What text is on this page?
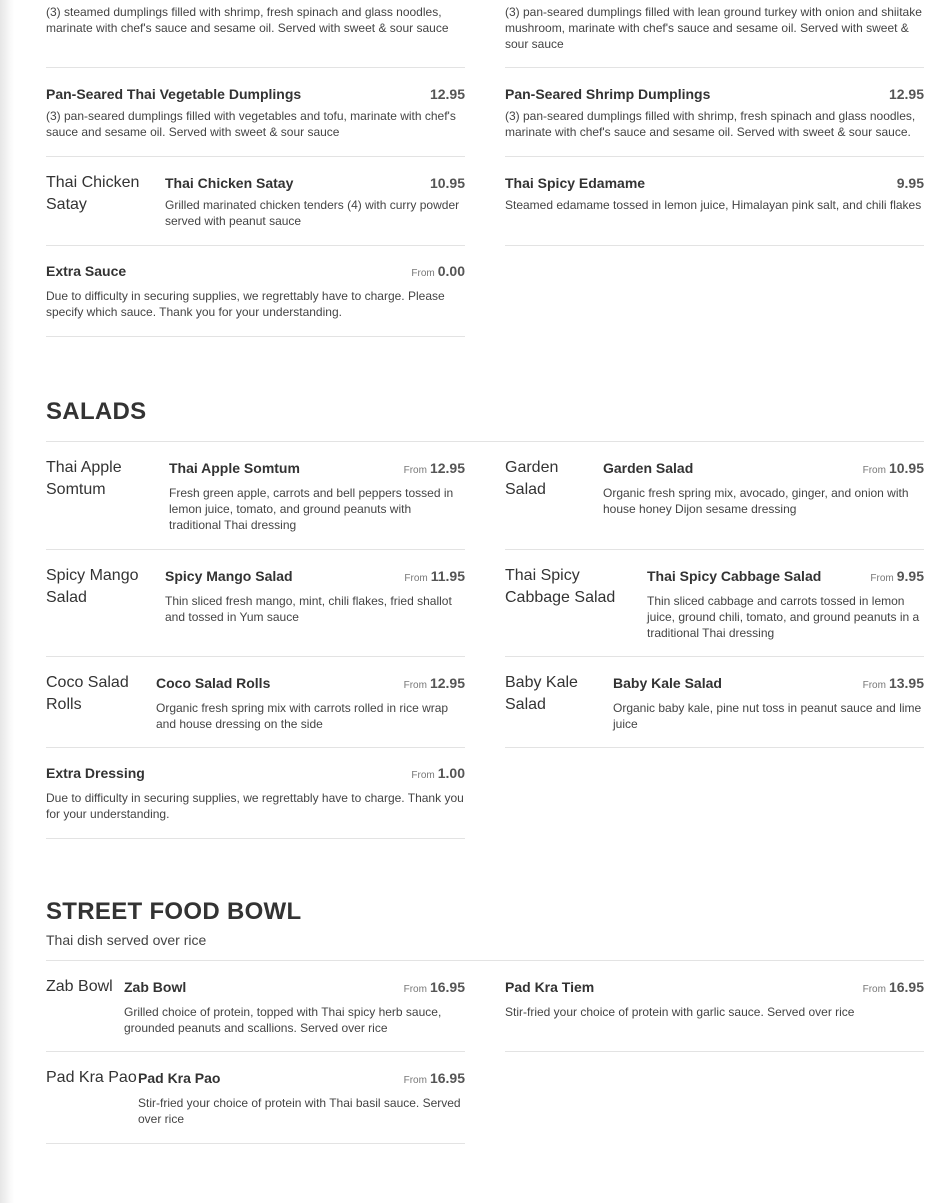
(3) steamed dumplings filled with shrimp, fresh spinach and glass noodles, marinate with chef's sauce and sesame oil. Served with sweet & sour sauce
Pan-Seared Thai Vegetable Dumplings	12.95
(3) pan-seared dumplings filled with vegetables and tofu, marinate with chef's sauce and sesame oil. Served with sweet & sour sauce
Thai Chicken Satay
Thai Chicken Satay	10.95
Grilled marinated chicken tenders (4) with curry powder served with peanut sauce
Extra Sauce	From 0.00
Due to difficulty in securing supplies, we regrettably have to charge. Please specify which sauce. Thank you for your understanding.
(3) pan-seared dumplings filled with lean ground turkey with onion and shiitake mushroom, marinate with chef's sauce and sesame oil. Served with sweet & sour sauce
Pan-Seared Shrimp Dumplings	12.95
(3) pan-seared dumplings filled with shrimp, fresh spinach and glass noodles, marinate with chef's sauce and sesame oil. Served with sweet & sour sauce.
Thai Spicy Edamame	9.95
Steamed edamame tossed in lemon juice, Himalayan pink salt, and chili flakes
SALADS
Thai Apple Somtum
Thai Apple Somtum	From 12.95
Fresh green apple, carrots and bell peppers tossed in lemon juice, tomato, and ground peanuts with traditional Thai dressing
Spicy Mango Salad
Spicy Mango Salad	From 11.95
Thin sliced fresh mango, mint, chili flakes, fried shallot and tossed in Yum sauce
Coco Salad Rolls
Coco Salad Rolls	From 12.95
Organic fresh spring mix with carrots rolled in rice wrap and house dressing on the side
Extra Dressing	From 1.00
Due to difficulty in securing supplies, we regrettably have to charge. Thank you for your understanding.
Garden Salad
Garden Salad	From 10.95
Organic fresh spring mix, avocado, ginger, and onion with house honey Dijon sesame dressing
Thai Spicy Cabbage Salad
Thai Spicy Cabbage Salad	From 9.95
Thin sliced cabbage and carrots tossed in lemon juice, ground chili, tomato, and ground peanuts in a traditional Thai dressing
Baby Kale Salad
Baby Kale Salad	From 13.95
Organic baby kale, pine nut toss in peanut sauce and lime juice
STREET FOOD BOWL
Thai dish served over rice
Zab Bowl Zab Bowl	From 16.95
Grilled choice of protein, topped with Thai spicy herb sauce, grounded peanuts and scallions. Served over rice
Pad Kra Pao Pad Kra Pao	From 16.95
Stir-fried your choice of protein with Thai basil sauce. Served over rice
Pad Kra Tiem	From 16.95
Stir-fried your choice of protein with garlic sauce. Served over rice
